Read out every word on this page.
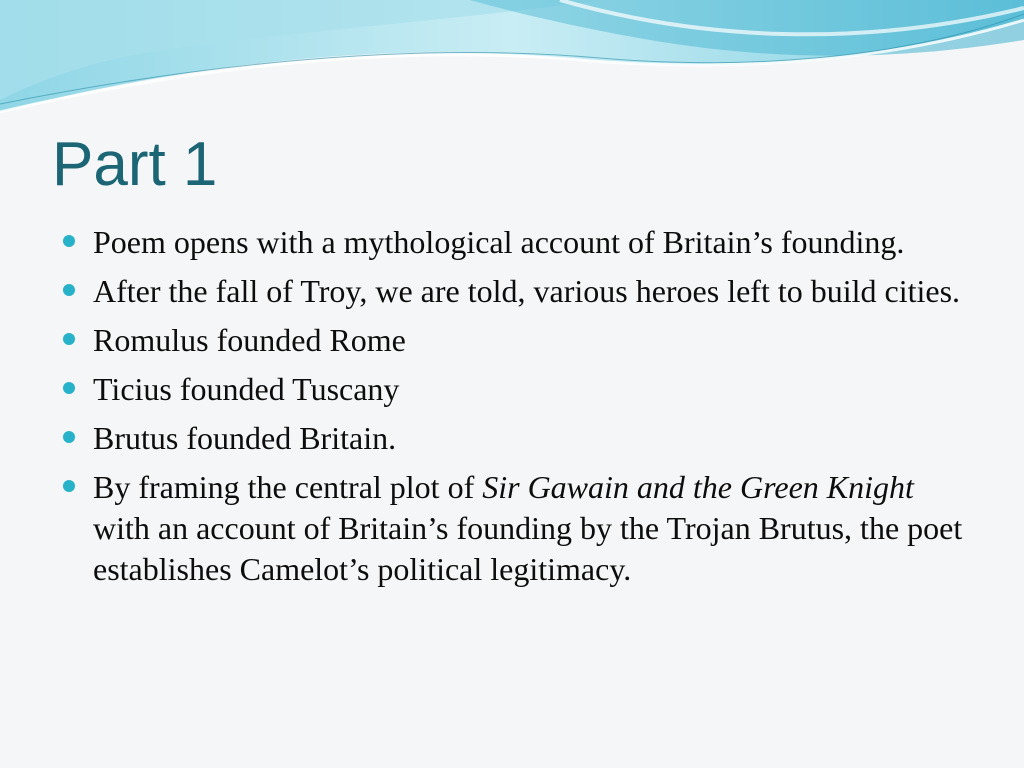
Part 1
Poem opens with a mythological account of Britain’s founding.
After the fall of Troy, we are told, various heroes left to build cities.
Romulus founded Rome
Ticius founded Tuscany
Brutus founded Britain.
By framing the central plot of Sir Gawain and the Green Knight with an account of Britain’s founding by the Trojan Brutus, the poet establishes Camelot’s political legitimacy.
